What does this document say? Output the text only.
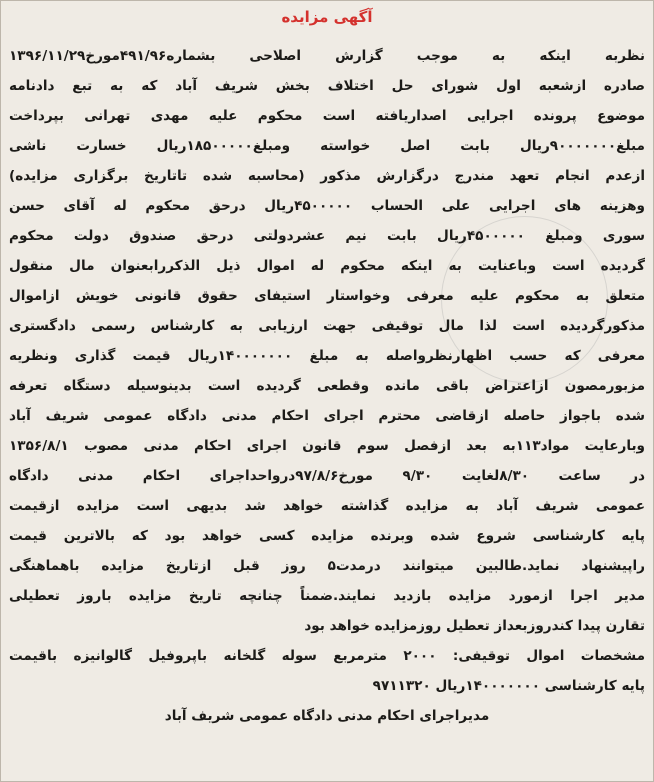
آگهی مزایده
نظربه اینکه به موجب گزارش اصلاحی بشماره۴۹۱/۹۶مورخ۱۳۹۶/۱۱/۲۹
صادره ازشعبه اول شورای حل اختلاف بخش شریف آباد که به تبع دادنامه
موضوع پرونده اجرایی اصداریافته است محکوم علیه مهدی تهرانی بپرداخت
مبلغ۹۰۰۰۰۰۰۰ریال بابت اصل خواسته ومبلغ۱۸۵۰۰۰۰۰ریال خسارت ناشی
ازعدم انجام تعهد مندرج درگزارش مذکور (محاسبه شده تاتاریخ برگزاری مزایده)
وهزینه های اجرایی علی الحساب ۴۵۰۰۰۰۰ریال درحق محکوم له آقای حسن
سوری ومبلغ ۴۵۰۰۰۰۰ریال بابت نیم عشردولتی درحق صندوق دولت محکوم
گردیده است وباعنایت به اینکه محکوم له اموال ذیل الذکررابعنوان مال منقول
متعلق به محکوم علیه معرفی وخواستار استیفای حقوق قانونی خویش ازاموال
مذکورگردیده است لذا مال توقیفی جهت ارزیابی به کارشناس رسمی دادگستری
معرفی که حسب اظهارنظرواصله به مبلغ ۱۴۰۰۰۰۰۰۰ریال قیمت گذاری ونظریه
مزبورمصون ازاعتراض باقی مانده وقطعی گردیده است بدینوسیله دستگاه تعرفه
شده باجواز حاصله ازقاضی محترم اجرای احکام مدنی دادگاه عمومی شریف آباد
وبارعایت مواد۱۱۳به بعد ازفصل سوم قانون اجرای احکام مدنی مصوب ۱۳۵۶/۸/۱
در ساعت ۸/۳۰لغایت ۹/۳۰ مورخ۹۷/۸/۶درواحداجرای احکام مدنی دادگاه
عمومی شریف آباد به مزایده گذاشته خواهد شد بدیهی است مزایده ازقیمت
پایه کارشناسی شروع شده وبرنده مزایده کسی خواهد بود که بالاترین قیمت
راپیشنهاد نماید.طالبین میتوانند درمدت۵ روز قبل ازتاریخ مزایده باهماهنگی
مدیر اجرا ازمورد مزایده بازدید نمایند.ضمناً چنانچه تاریخ مزایده باروز تعطیلی
تقارن پیدا کندروزبعداز تعطیل روزمزایده خواهد بود
مشخصات اموال توقیفی: ۲۰۰۰ مترمربع سوله گلخانه باپروفیل گالوانیزه باقیمت
پایه کارشناسی ۱۴۰۰۰۰۰۰۰ریال ۹۷۱۱۳۲۰
مدیراجرای احکام مدنی دادگاه عمومی شریف آباد
